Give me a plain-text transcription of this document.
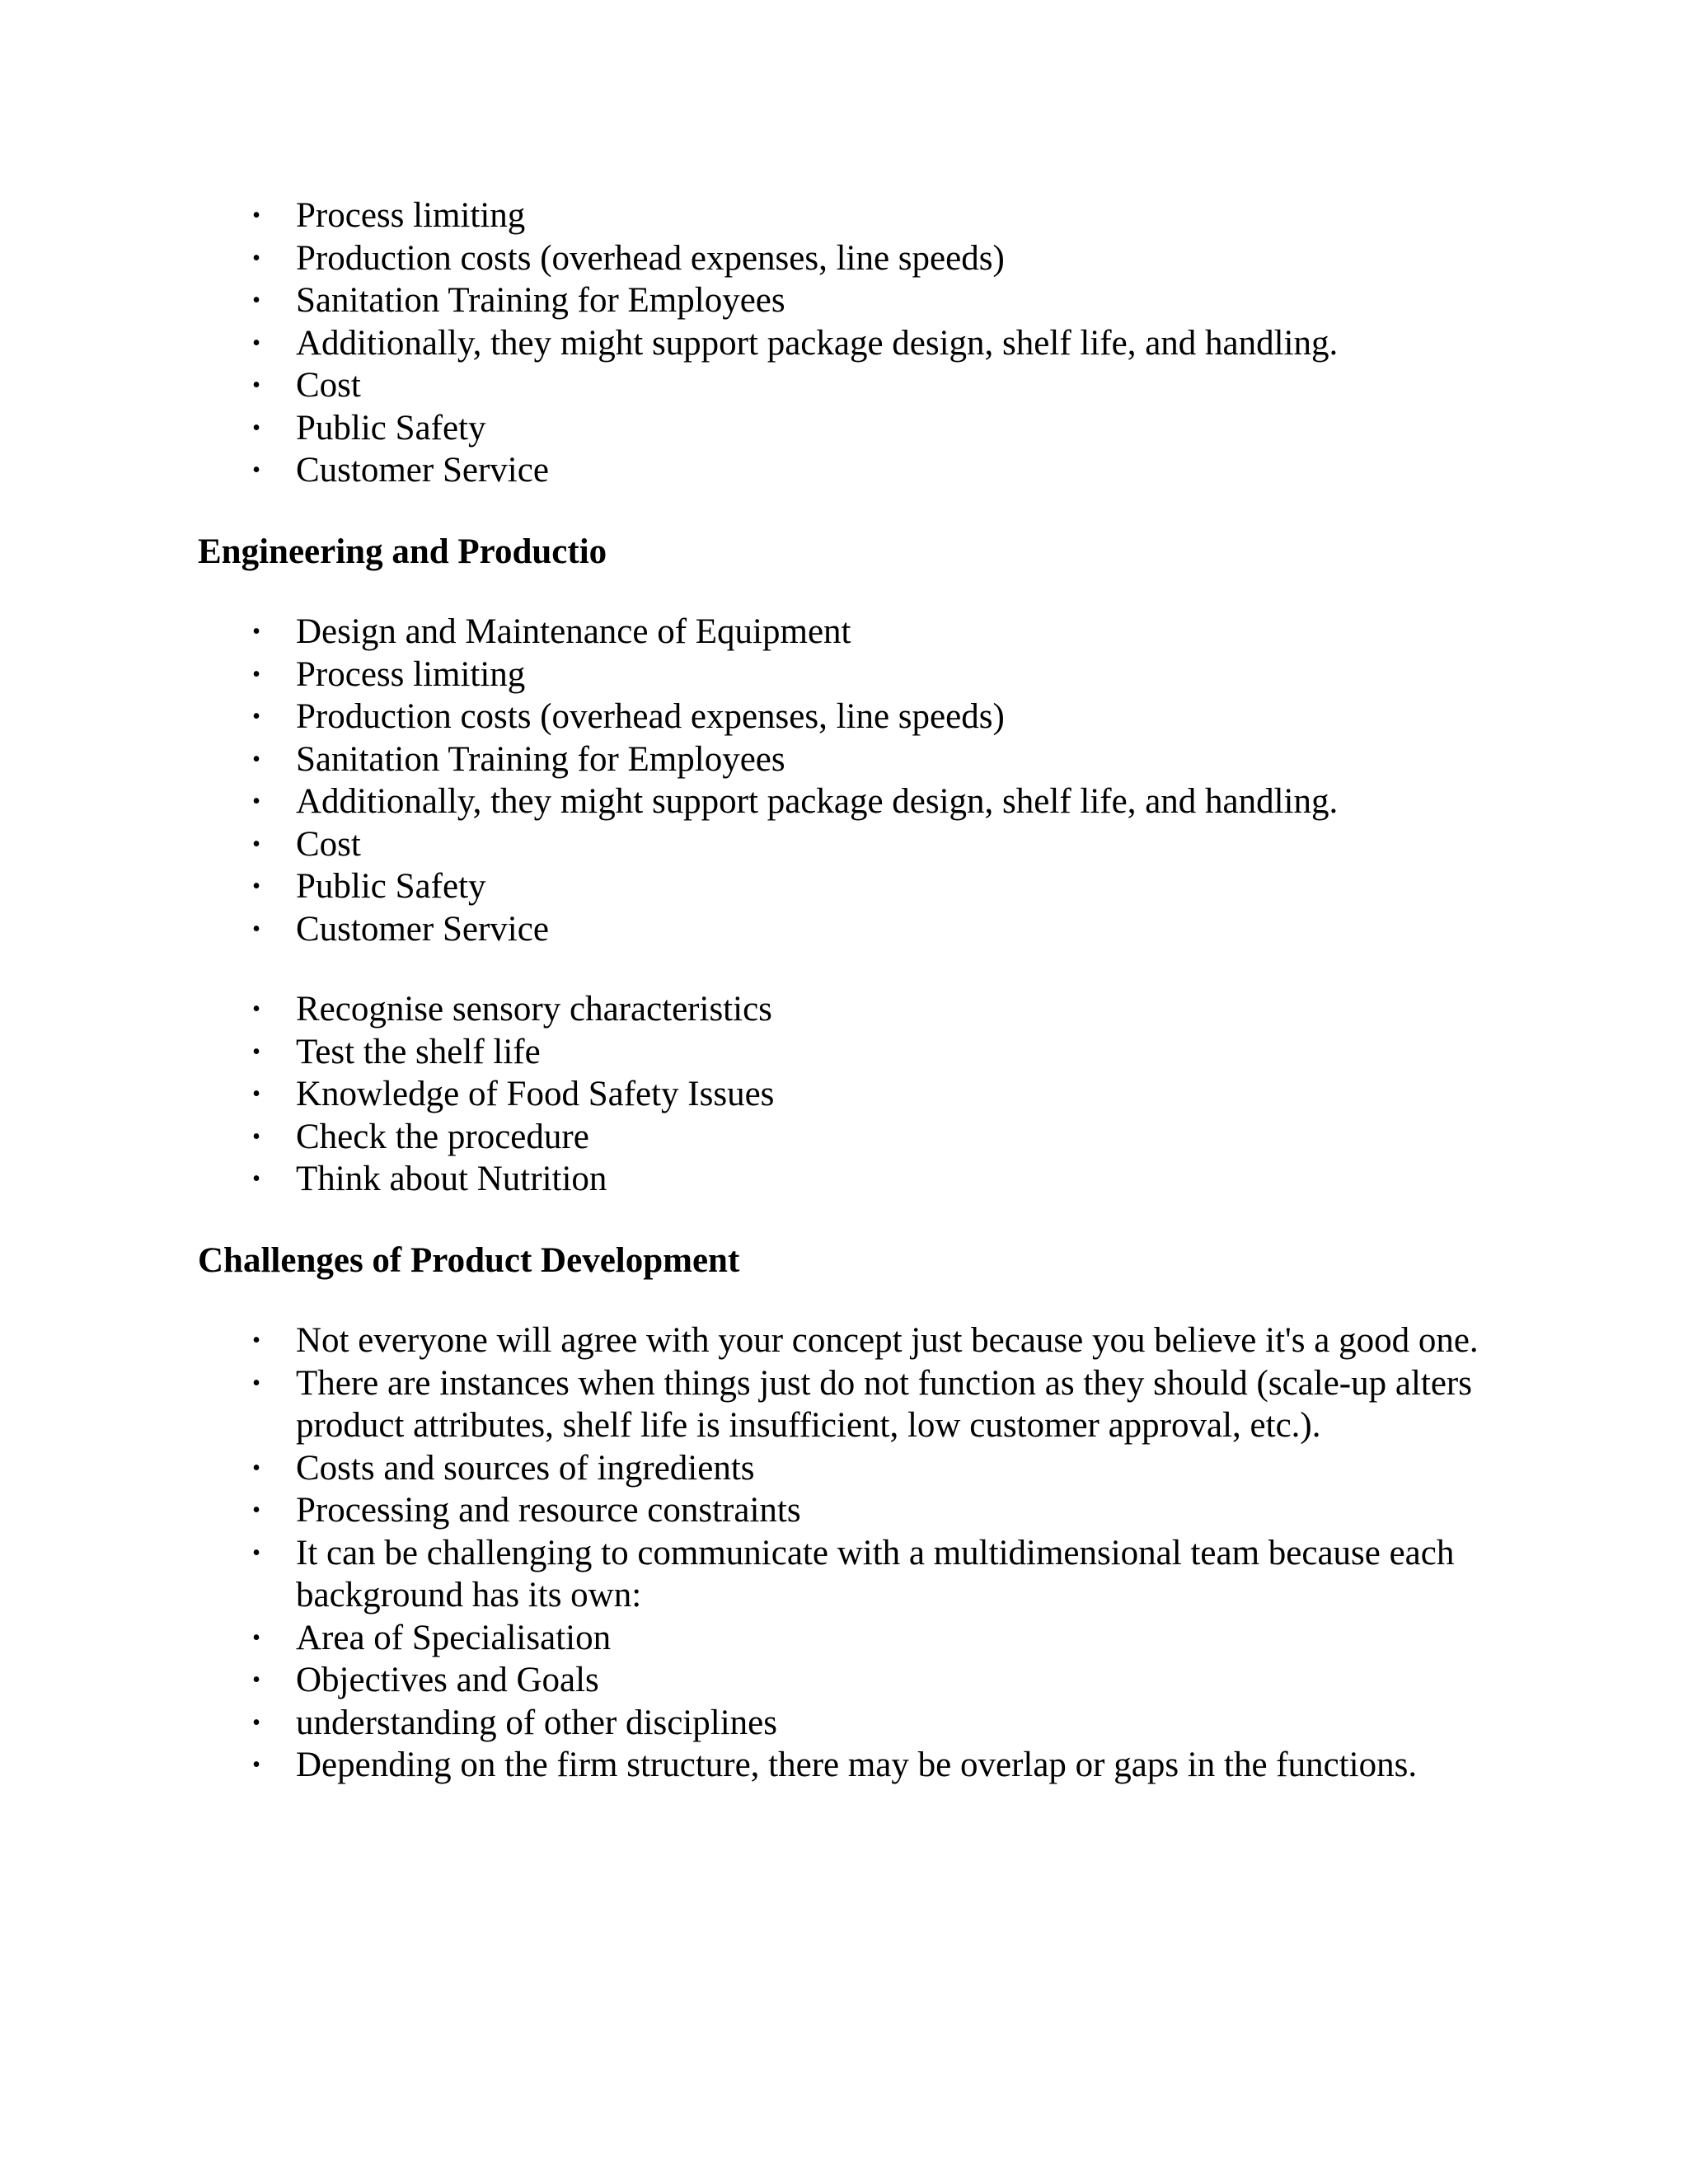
• Process limiting
• Production costs (overhead expenses, line speeds)
• Sanitation Training for Employees
• Additionally, they might support package design, shelf life, and handling.
• Cost
• Public Safety
• Customer Service
Engineering and Productio
• Design and Maintenance of Equipment
• Process limiting
• Production costs (overhead expenses, line speeds)
• Sanitation Training for Employees
• Additionally, they might support package design, shelf life, and handling.
• Cost
• Public Safety
• Customer Service
• Recognise sensory characteristics
• Test the shelf life
• Knowledge of Food Safety Issues
• Check the procedure
• Think about Nutrition
Challenges of Product Development
• Not everyone will agree with your concept just because you believe it's a good one.
• There are instances when things just do not function as they should (scale-up alters product attributes, shelf life is insufficient, low customer approval, etc.).
• Costs and sources of ingredients
• Processing and resource constraints
• It can be challenging to communicate with a multidimensional team because each background has its own:
• Area of Specialisation
• Objectives and Goals
• understanding of other disciplines
• Depending on the firm structure, there may be overlap or gaps in the functions.
